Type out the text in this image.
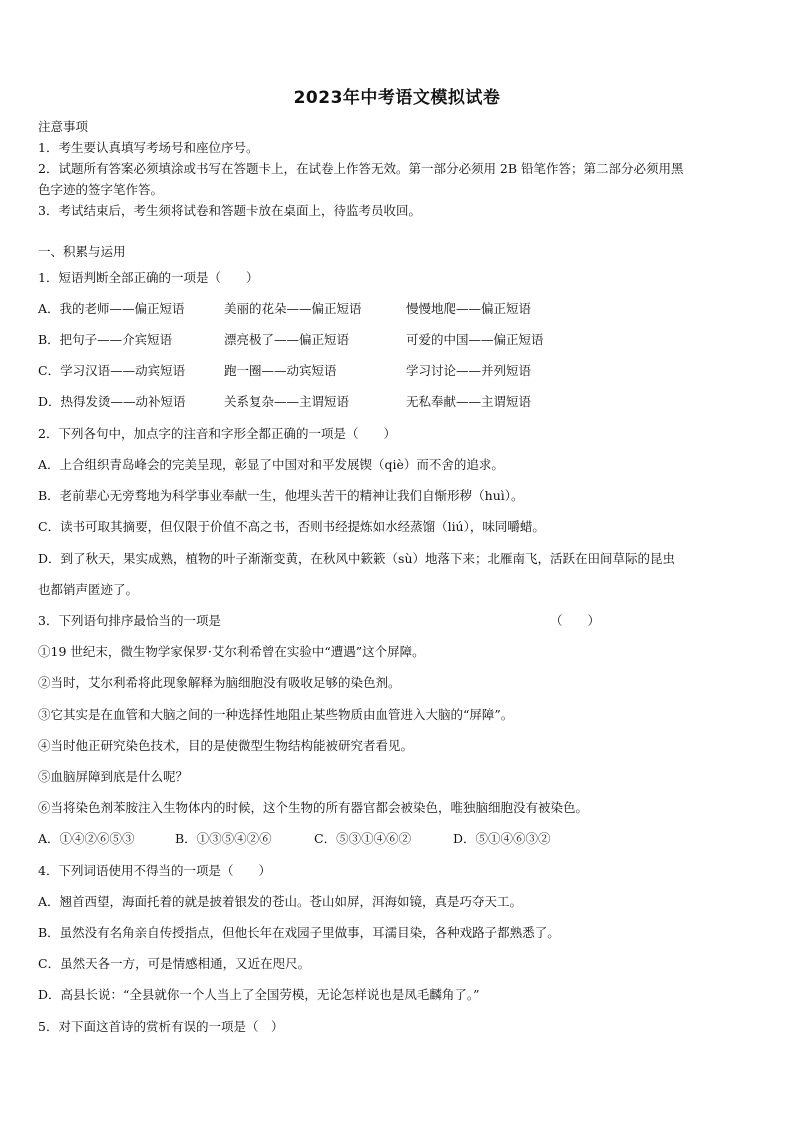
2023年中考语文模拟试卷
注意事项
1．考生要认真填写考场号和座位序号。
2．试题所有答案必须填涂或书写在答题卡上，在试卷上作答无效。第一部分必须用 2B 铅笔作答；第二部分必须用黑
色字迹的签字笔作答。
3．考试结束后，考生须将试卷和答题卡放在桌面上，待监考员收回。
一、积累与运用
1．短语判断全部正确的一项是（　　）
A．我的老师——偏正短语	美丽的花朵——偏正短语	慢慢地爬——偏正短语
B．把句子——介宾短语	漂亮极了——偏正短语	可爱的中国——偏正短语
C．学习汉语——动宾短语	跑一圈——动宾短语	学习讨论——并列短语
D．热得发烫——动补短语	关系复杂——主谓短语	无私奉献——主谓短语
2．下列各句中，加点字的注音和字形全都正确的一项是（　　）
A．上合组织青岛峰会的完美呈现，彰显了中国对和平发展锲（qiè）而不舍的追求。
B．老前辈心无旁骛地为科学事业奉献一生，他埋头苦干的精神让我们自惭形秽（huì）。
C．读书可取其摘要，但仅限于价值不高之书，否则书经提炼如水经蒸馏（liú），味同嚼蜡。
D．到了秋天，果实成熟，植物的叶子渐渐变黄，在秋风中簌簌（sù）地落下来；北雁南飞，活跃在田间草际的昆虫
也都销声匿迹了。
3．下列语句排序最恰当的一项是	（　　）
①19 世纪末，微生物学家保罗·艾尔利希曾在实验中“遭遇”这个屏障。
②当时，艾尔利希将此现象解释为脑细胞没有吸收足够的染色剂。
③它其实是在血管和大脑之间的一种选择性地阻止某些物质由血管进入大脑的“屏障”。
④当时他正研究染色技术，目的是使微型生物结构能被研究者看见。
⑤血脑屏障到底是什么呢？
⑥当将染色剂苯胺注入生物体内的时候，这个生物的所有器官都会被染色，唯独脑细胞没有被染色。
A．①④②⑥⑤③	B．①③⑤④②⑥	C．⑤③①④⑥②	D．⑤①④⑥③②
4．下列词语使用不得当的一项是（　　）
A．翘首西望，海面托着的就是披着银发的苍山。苍山如屏，洱海如镜，真是巧夺天工。
B．虽然没有名角亲自传授指点，但他长年在戏园子里做事，耳濡目染，各种戏路子都熟悉了。
C．虽然天各一方，可是情感相通，又近在咫尺。
D．高县长说：“全县就你一个人当上了全国劳模，无论怎样说也是凤毛麟角了。”
5．对下面这首诗的赏析有误的一项是（　）
